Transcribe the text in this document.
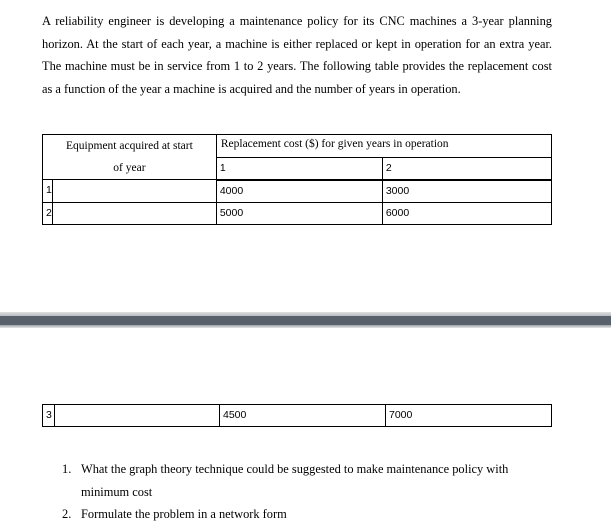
A reliability engineer is developing a maintenance policy for its CNC machines a 3-year planning horizon. At the start of each year, a machine is either replaced or kept in operation for an extra year. The machine must be in service from 1 to 2 years. The following table provides the replacement cost as a function of the year a machine is acquired and the number of years in operation.

Equipment acquired at start		Replacement cost ($) for given years in operation	
of year		1	2
1		4000	3000
2		5000	6000
3		4500	7000
1. What the graph theory technique could be suggested to make maintenance policy with minimum cost
2. Formulate the problem in a network form
